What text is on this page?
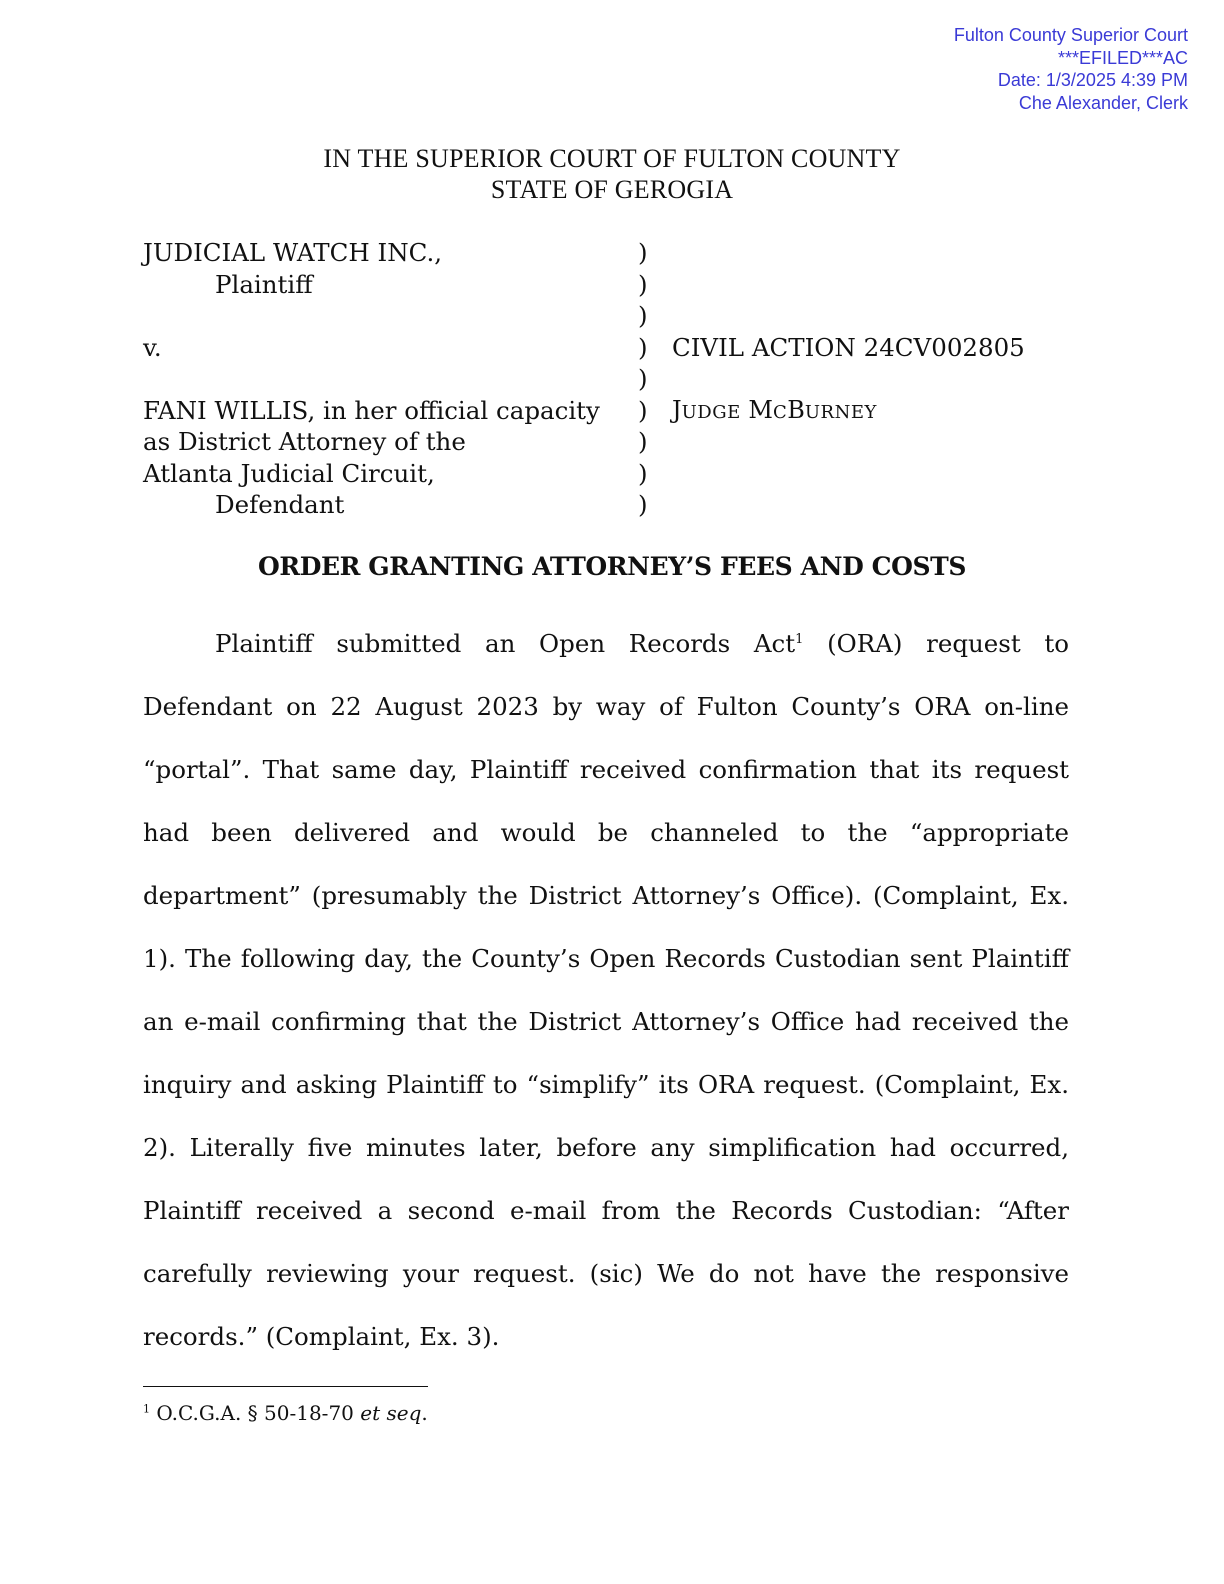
Fulton County Superior Court
***EFILED***AC
Date: 1/3/2025 4:39 PM
Che Alexander, Clerk
IN THE SUPERIOR COURT OF FULTON COUNTY
STATE OF GEROGIA
JUDICIAL WATCH INC.,
Plaintiff

v.

FANI WILLIS, in her official capacity
as District Attorney of the
Atlanta Judicial Circuit,
Defendant
)
)
)
)
)
)
)
)
)
CIVIL ACTION 24CV002805
JUDGE MCBURNEY
ORDER GRANTING ATTORNEY’S FEES AND COSTS

Plaintiff submitted an Open Records Act$^1$ (ORA) request to Defendant on 22 August 2023 by way of Fulton County’s ORA on-line “portal”. That same day, Plaintiff received confirmation that its request had been delivered and would be channeled to the “appropriate department” (presumably the District Attorney’s Office). (Complaint, Ex. 1). The following day, the County’s Open Records Custodian sent Plaintiff an e-mail confirming that the District Attorney’s Office had received the inquiry and asking Plaintiff to “simplify” its ORA request. (Complaint, Ex. 2). Literally five minutes later, before any simplification had occurred, Plaintiff received a second e-mail from the Records Custodian: “After carefully reviewing your request. (sic) We do not have the responsive records.” (Complaint, Ex. 3).

$^1$ O.C.G.A. § 50-18-70 et seq.
